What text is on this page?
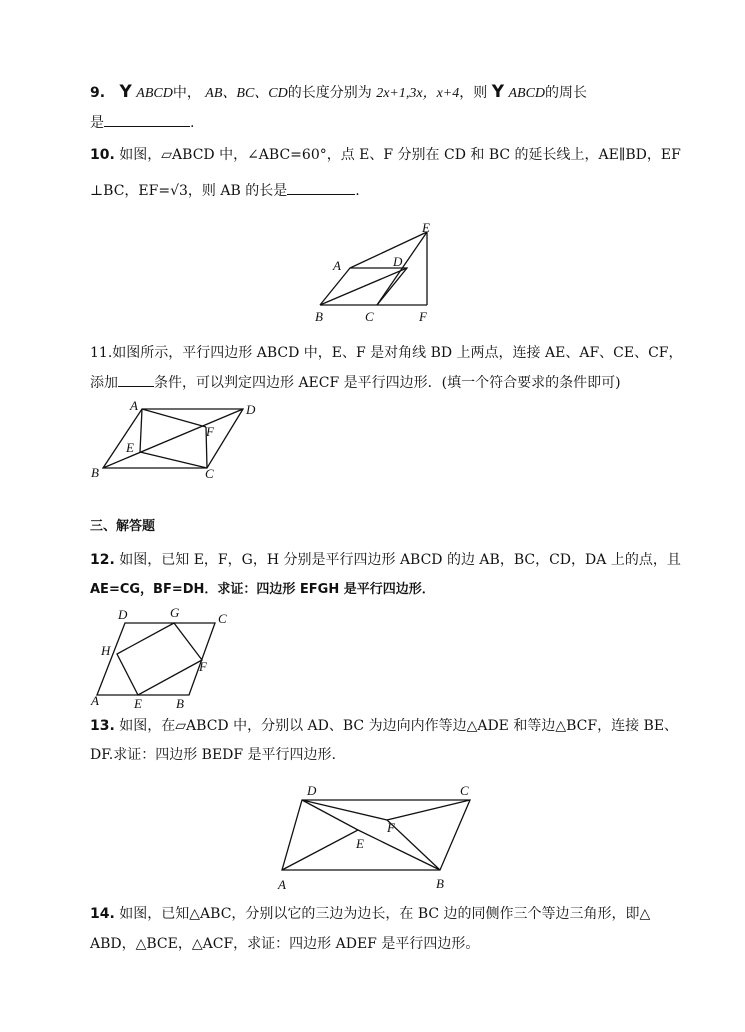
9. Y ABCD中， AB、BC、CD的长度分别为 2x+1,3x，x+4，则 Y ABCD的周长
是	.
10. 如图，▱ABCD 中，∠ABC=60°，点 E、F 分别在 CD 和 BC 的延长线上，AE∥BD，EF
⊥BC，EF=√3，则 AB 的长是	.
A
B	C
D
E
F
11.如图所示，平行四边形 ABCD 中，E、F 是对角线 BD 上两点，连接 AE、AF、CE、CF，
添加	条件，可以判定四边形 AECF 是平行四边形．(填一个符合要求的条件即可)
A
B	C
D
E
F
三、解答题
12. 如图，已知 E，F，G，H 分别是平行四边形 ABCD 的边 AB，BC，CD，DA 上的点，且
AE=CG，BF=DH．求证：四边形 EFGH 是平行四边形．
D	G	C
H
F
A	E	B
13. 如图，在▱ABCD 中，分别以 AD、BC 为边向内作等边△ADE 和等边△BCF，连接 BE、
DF.求证：四边形 BEDF 是平行四边形.
D	C
F
E
A	B
14. 如图，已知△ABC，分别以它的三边为边长，在 BC 边的同侧作三个等边三角形，即△
ABD，△BCE，△ACF，求证：四边形 ADEF 是平行四边形。
